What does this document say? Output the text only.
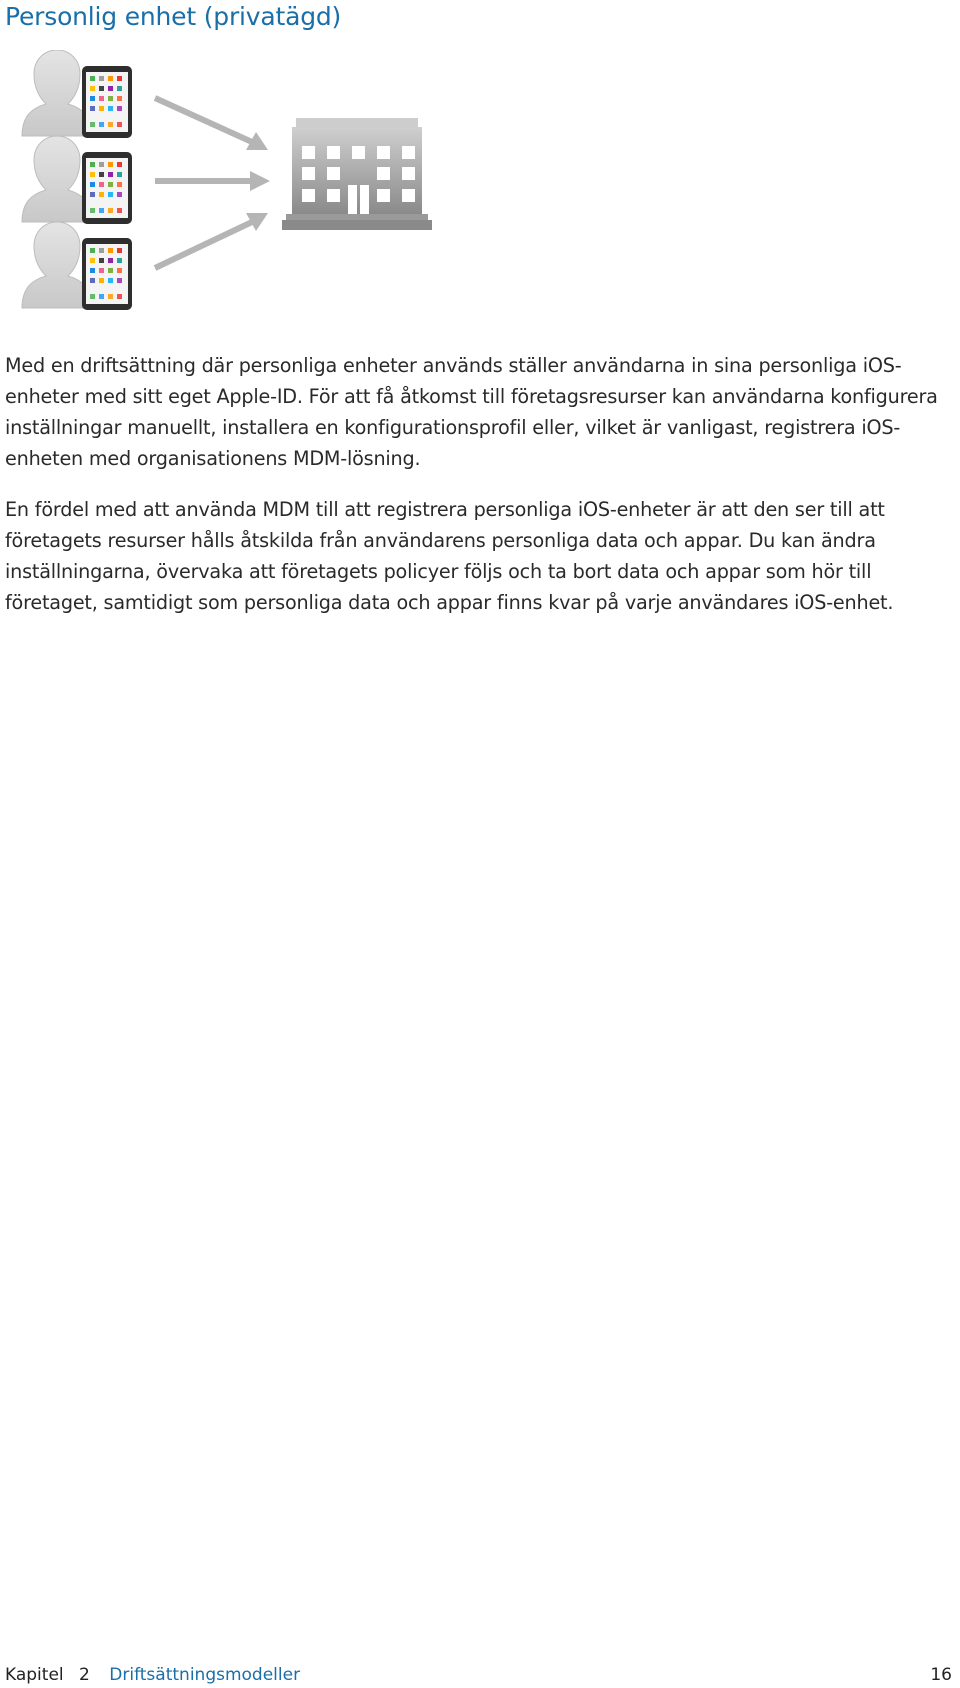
Personlig enhet (privatägd)

Med en driftsättning där personliga enheter används ställer användarna in sina personliga iOS-enheter med sitt eget Apple-ID. För att få åtkomst till företagsresurser kan användarna konfigurera inställningar manuellt, installera en konfigurationsprofil eller, vilket är vanligast, registrera iOS-enheten med organisationens MDM-lösning.

En fördel med att använda MDM till att registrera personliga iOS-enheter är att den ser till att företagets resurser hålls åtskilda från användarens personliga data och appar. Du kan ändra inställningarna, övervaka att företagets policyer följs och ta bort data och appar som hör till företaget, samtidigt som personliga data och appar finns kvar på varje användares iOS-enhet.

Kapitel 2 Driftsättningsmodeller	16
